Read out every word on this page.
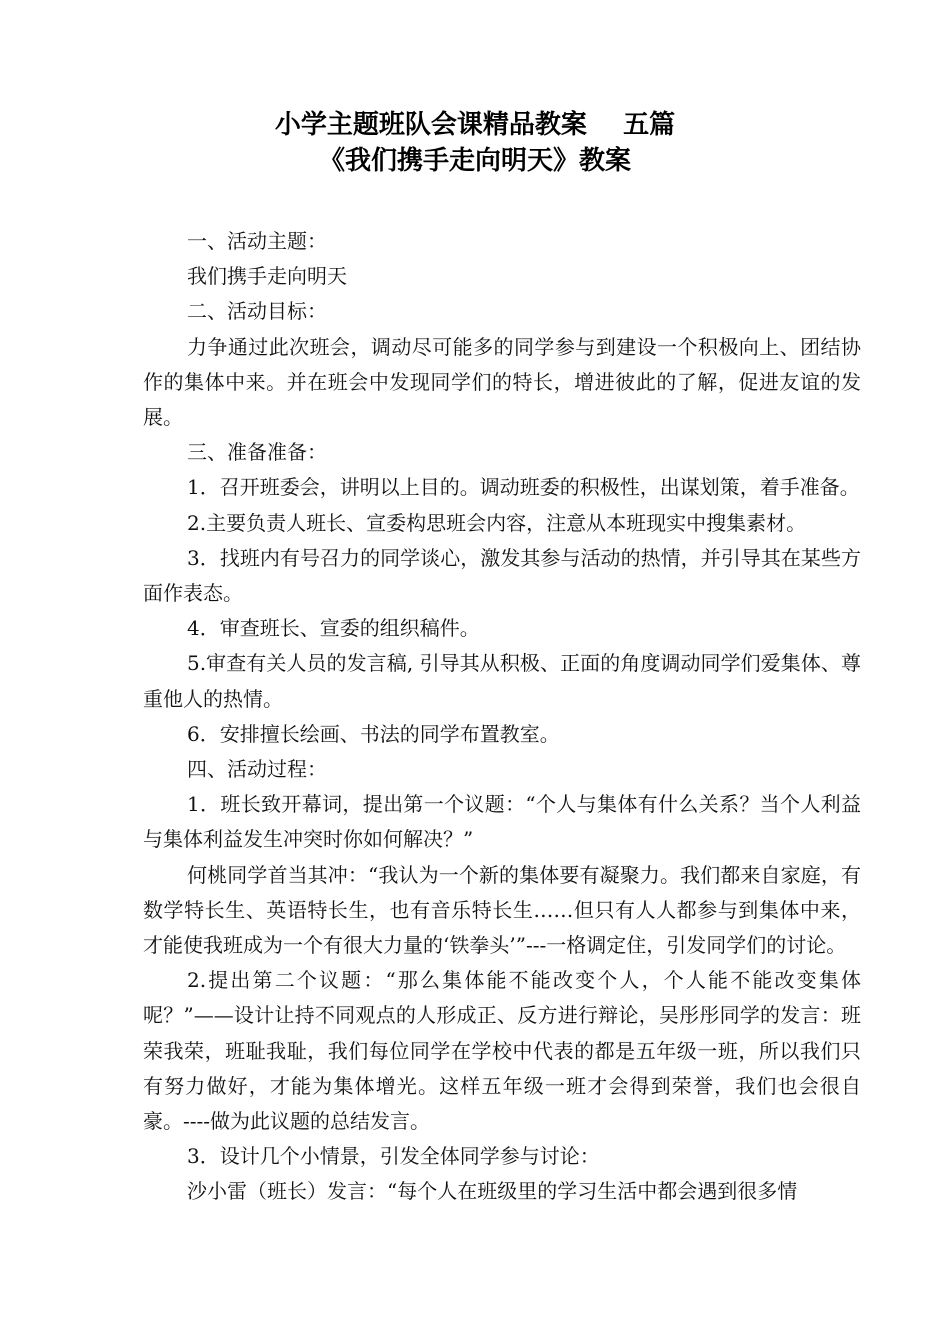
小学主题班队会课精品教案    五篇
《我们携手走向明天》教案

一、活动主题：

我们携手走向明天

二、活动目标：

力争通过此次班会，调动尽可能多的同学参与到建设一个积极向上、团结协作的集体中来。并在班会中发现同学们的特长，增进彼此的了解，促进友谊的发展。

三、准备准备：

1．召开班委会，讲明以上目的。调动班委的积极性，出谋划策，着手准备。

2.主要负责人班长、宣委构思班会内容，注意从本班现实中搜集素材。

3．找班内有号召力的同学谈心，激发其参与活动的热情，并引导其在某些方面作表态。

4．审查班长、宣委的组织稿件。

5.审查有关人员的发言稿, 引导其从积极、正面的角度调动同学们爱集体、尊重他人的热情。

6．安排擅长绘画、书法的同学布置教室。

四、活动过程：

1．班长致开幕词，提出第一个议题：“个人与集体有什么关系？当个人利益与集体利益发生冲突时你如何解决？”

何桃同学首当其冲：“我认为一个新的集体要有凝聚力。我们都来自家庭，有数学特长生、英语特长生，也有音乐特长生……但只有人人都参与到集体中来，才能使我班成为一个有很大力量的‘铁拳头’”---一格调定住，引发同学们的讨论。

2.提出第二个议题：“那么集体能不能改变个人，个人能不能改变集体呢？”——设计让持不同观点的人形成正、反方进行辩论，吴彤彤同学的发言：班荣我荣，班耻我耻，我们每位同学在学校中代表的都是五年级一班，所以我们只有努力做好，才能为集体增光。这样五年级一班才会得到荣誉，我们也会很自豪。----做为此议题的总结发言。

3．设计几个小情景，引发全体同学参与讨论：

沙小雷（班长）发言：“每个人在班级里的学习生活中都会遇到很多情
